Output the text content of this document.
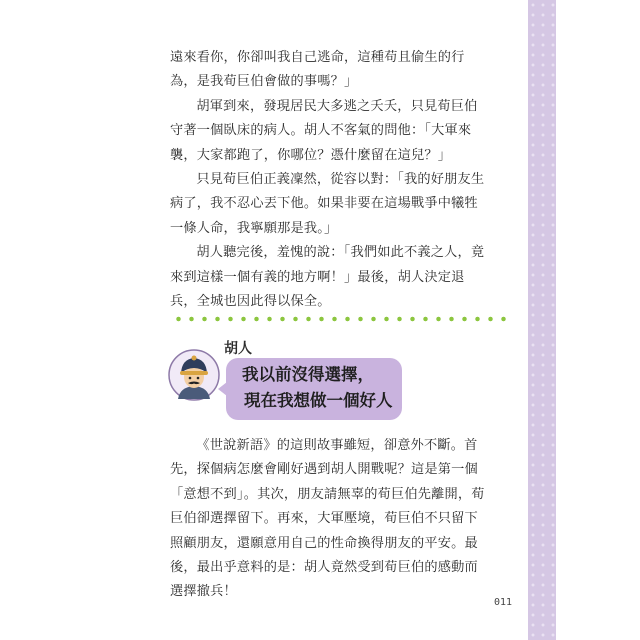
遠來看你，你卻叫我自己逃命，這種苟且偷生的行為，是我荀巨伯會做的事嗎？」

胡軍到來，發現居民大多逃之夭夭，只見荀巨伯守著一個臥床的病人。胡人不客氣的問他：「大軍來襲，大家都跑了，你哪位？憑什麼留在這兒？」

只見荀巨伯正義凜然，從容以對：「我的好朋友生病了，我不忍心丟下他。如果非要在這場戰爭中犧牲一條人命，我寧願那是我。」

胡人聽完後，羞愧的說：「我們如此不義之人，竟來到這樣一個有義的地方啊！」最後，胡人決定退兵，全城也因此得以保全。

胡人
我以前沒得選擇，
現在我想做一個好人

《世說新語》的這則故事雖短，卻意外不斷。首先，探個病怎麼會剛好遇到胡人開戰呢？這是第一個「意想不到」。其次，朋友請無辜的荀巨伯先離開，荀巨伯卻選擇留下。再來，大軍壓境，荀巨伯不只留下照顧朋友，還願意用自己的性命換得朋友的平安。最後，最出乎意料的是：胡人竟然受到荀巨伯的感動而選擇撤兵！

011
